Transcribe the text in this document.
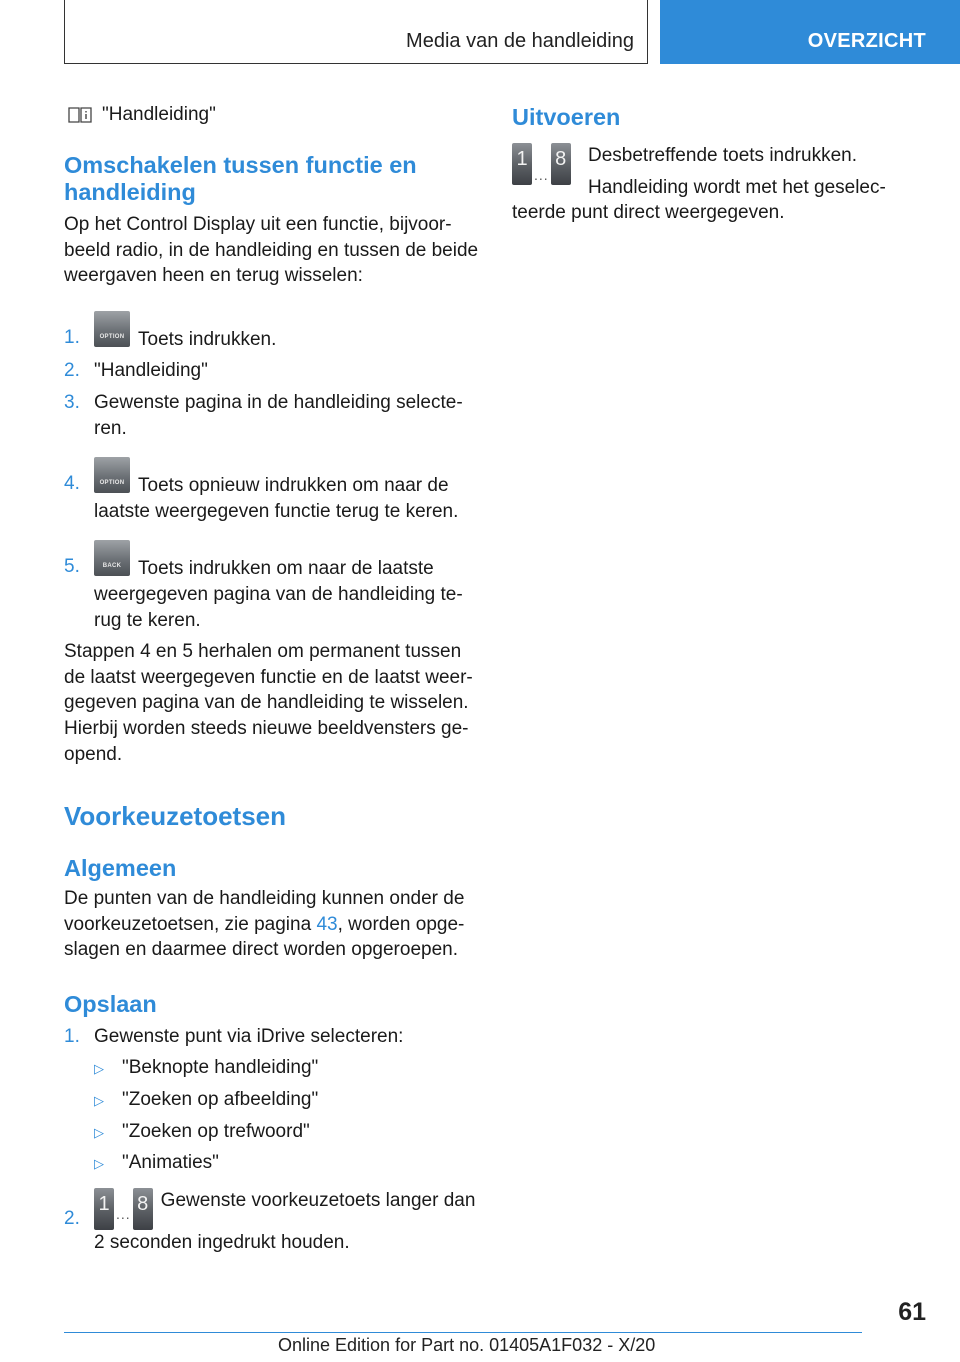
Media van de handleiding	OVERZICHT
"Handleiding"
Omschakelen tussen functie en handleiding

Op het Control Display uit een functie, bijvoor-beeld radio, in de handleiding en tussen de beide weergaven heen en terug wisselen:

1.	OPTION Toets indrukken.
2. "Handleiding"
3. Gewenste pagina in de handleiding selecte-ren.
4.	OPTION Toets opnieuw indrukken om naar de laatste weergegeven functie terug te keren.
5.	BACK Toets indrukken om naar de laatste weergegeven pagina van de handleiding te-rug te keren.

Stappen 4 en 5 herhalen om permanent tussen de laatst weergegeven functie en de laatst weer-gegeven pagina van de handleiding te wisselen. Hierbij worden steeds nieuwe beeldvensters ge-opend.

Voorkeuzetoetsen
Algemeen

De punten van de handleiding kunnen onder de voorkeuzetoetsen, zie pagina 43, worden opge-slagen en daarmee direct worden opgeroepen.

Opslaan
1. Gewenste punt via iDrive selecteren:
▷ "Beknopte handleiding"
▷ "Zoeken op afbeelding"
▷ "Zoeken op trefwoord"
▷ "Animaties"
2.
1 ... 8 Gewenste voorkeuzetoets langer dan 2 seconden ingedrukt houden.
Uitvoeren
1
...
8	Desbetreffende toets indrukken.

Handleiding wordt met het geselec-teerde punt direct weergegeven.

61
Online Edition for Part no. 01405A1F032 - X/20
